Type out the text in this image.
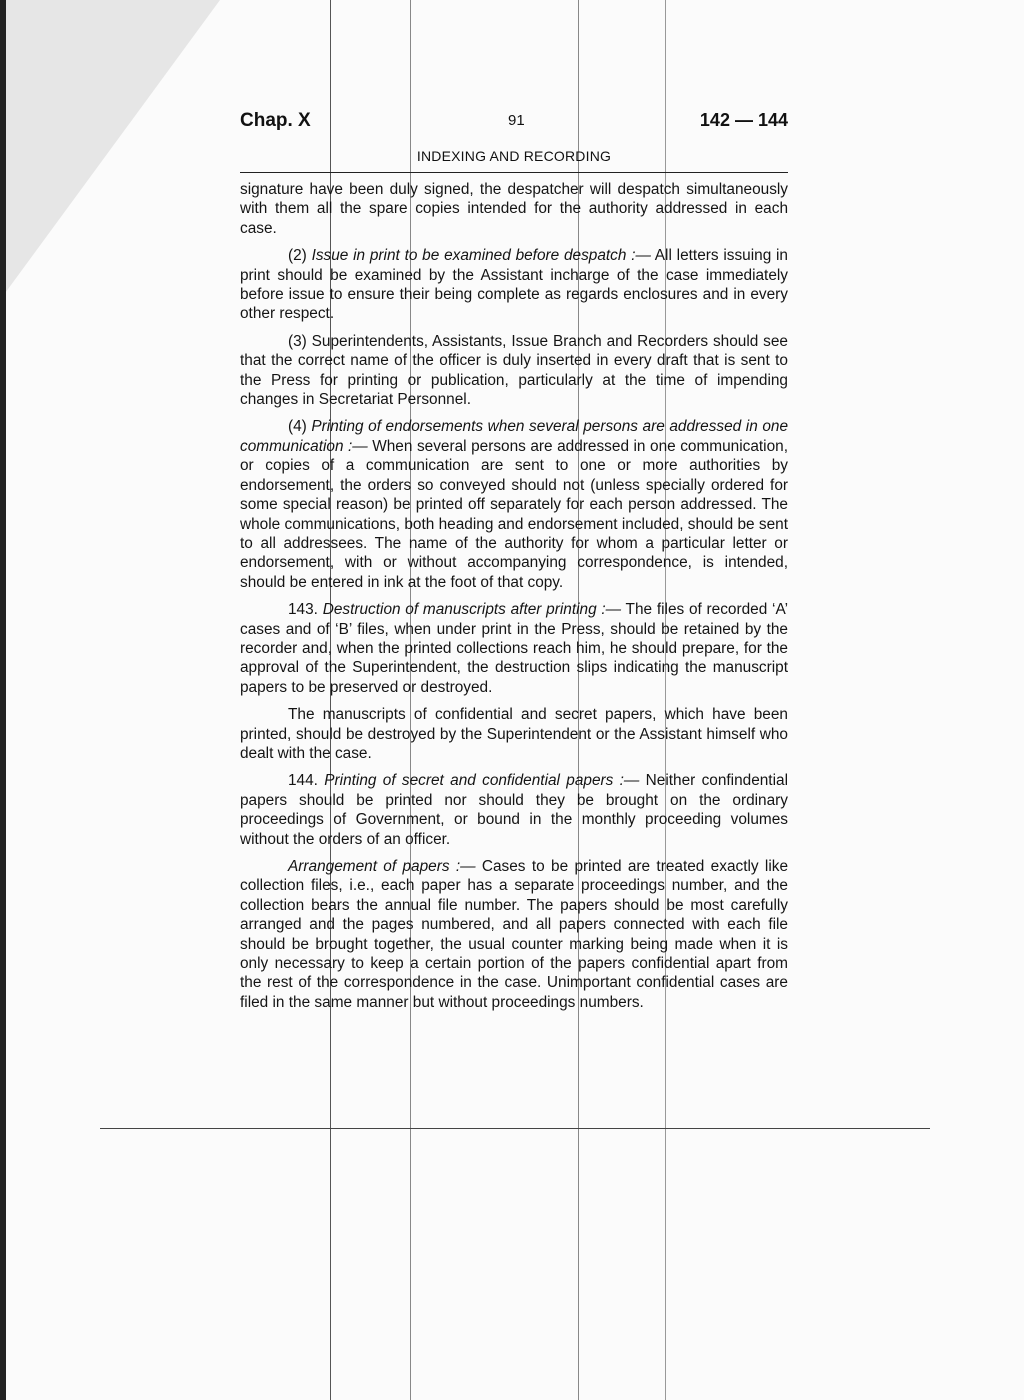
Chap. X	91	142 — 144
INDEXING AND RECORDING

signature have been duly signed, the despatcher will despatch simultaneously with them all the spare copies intended for the authority addressed in each case.

(2) Issue in print to be examined before despatch :— All letters issuing in print should be examined by the Assistant incharge of the case immediately before issue to ensure their being complete as regards enclosures and in every other respect.

(3) Superintendents, Assistants, Issue Branch and Recorders should see that the correct name of the officer is duly inserted in every draft that is sent to the Press for printing or publication, particularly at the time of impending changes in Secretariat Personnel.

(4) Printing of endorsements when several persons are addressed in one communication :— When several persons are addressed in one communication, or copies of a communication are sent to one or more authorities by endorsement, the orders so conveyed should not (unless specially ordered for some special reason) be printed off separately for each person addressed. The whole communications, both heading and endorsement included, should be sent to all addressees. The name of the authority for whom a particular letter or endorsement, with or without accompanying correspondence, is intended, should be entered in ink at the foot of that copy.

143. Destruction of manuscripts after printing :— The files of recorded ‘A’ cases and of ‘B’ files, when under print in the Press, should be retained by the recorder and, when the printed collections reach him, he should prepare, for the approval of the Superintendent, the destruction slips indicating the manuscript papers to be preserved or destroyed.

The manuscripts of confidential and secret papers, which have been printed, should be destroyed by the Superintendent or the Assistant himself who dealt with the case.

144. Printing of secret and confidential papers :— Neither confindential papers should be printed nor should they be brought on the ordinary proceedings of Government, or bound in the monthly proceeding volumes without the orders of an officer.

Arrangement of papers :— Cases to be printed are treated exactly like collection files, i.e., each paper has a separate proceedings number, and the collection bears the annual file number. The papers should be most carefully arranged and the pages numbered, and all papers connected with each file should be brought together, the usual counter marking being made when it is only necessary to keep a certain portion of the papers confidential apart from the rest of the correspondence in the case. Unimportant confidential cases are filed in the same manner but without proceedings numbers.
